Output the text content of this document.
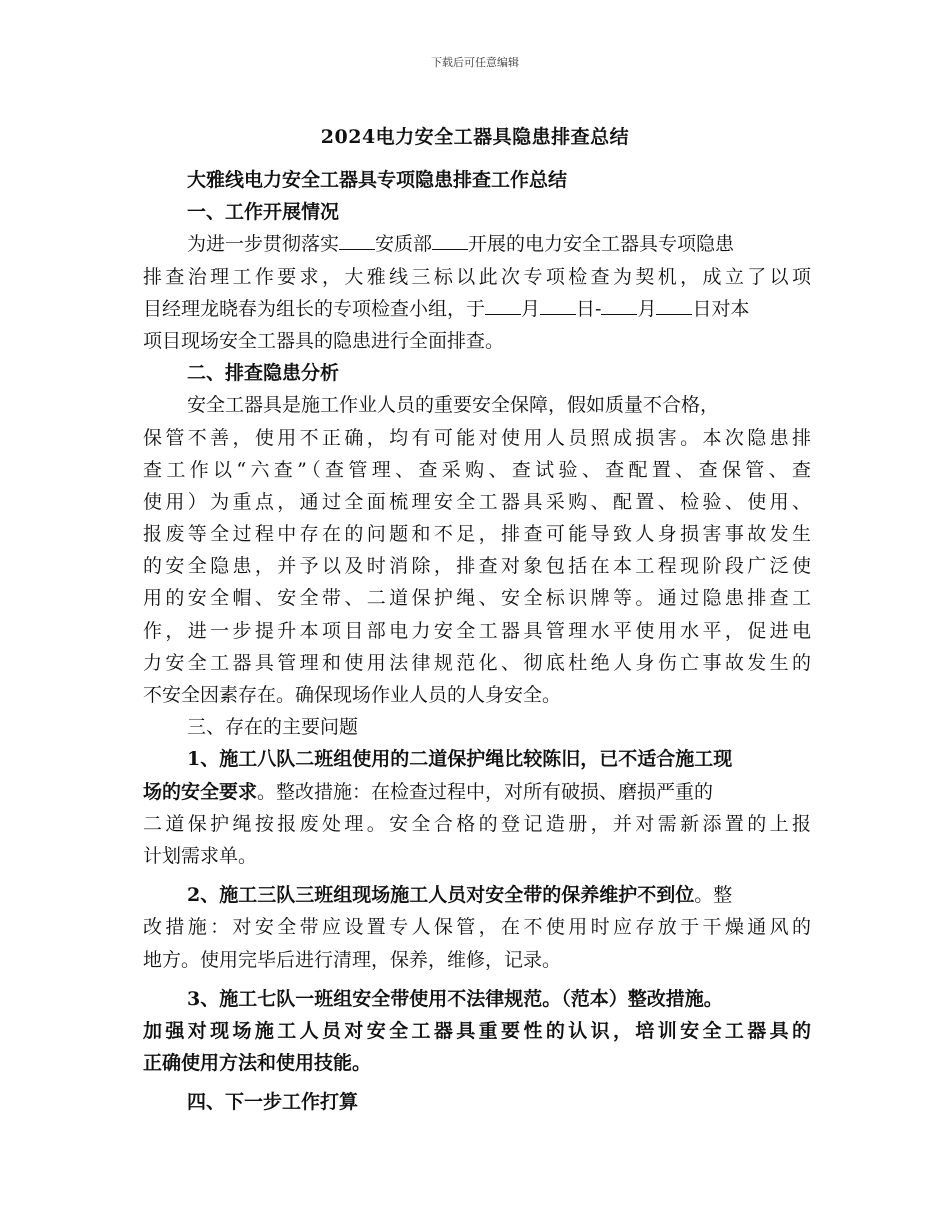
下载后可任意编辑
2024电力安全工器具隐患排查总结
大雅线电力安全工器具专项隐患排查工作总结
一、工作开展情况
为进一步贯彻落实 安质部 开展的电力安全工器具专项隐患
排查治理工作要求，大雅线三标以此次专项检查为契机，成立了以项
目经理龙晓春为组长的专项检查小组，于 月 日- 月 日对本
项目现场安全工器具的隐患进行全面排查。
二、排查隐患分析
安全工器具是施工作业人员的重要安全保障，假如质量不合格，
保管不善，使用不正确，均有可能对使用人员照成损害。本次隐患排
查工作以“六查”（查管理、查采购、查试验、查配置、查保管、查
使用）为重点，通过全面梳理安全工器具采购、配置、检验、使用、
报废等全过程中存在的问题和不足，排查可能导致人身损害事故发生
的安全隐患，并予以及时消除，排查对象包括在本工程现阶段广泛使
用的安全帽、安全带、二道保护绳、安全标识牌等。通过隐患排查工
作，进一步提升本项目部电力安全工器具管理水平使用水平，促进电
力安全工器具管理和使用法律规范化、彻底杜绝人身伤亡事故发生的
不安全因素存在。确保现场作业人员的人身安全。
三、存在的主要问题
1、施工八队二班组使用的二道保护绳比较陈旧，已不适合施工现
场的安全要求。整改措施：在检查过程中，对所有破损、磨损严重的
二道保护绳按报废处理。安全合格的登记造册，并对需新添置的上报
计划需求单。
2、施工三队三班组现场施工人员对安全带的保养维护不到位。整
改措施：对安全带应设置专人保管，在不使用时应存放于干燥通风的
地方。使用完毕后进行清理，保养，维修，记录。
3、施工七队一班组安全带使用不法律规范。（范本）整改措施。
加强对现场施工人员对安全工器具重要性的认识，培训安全工器具的
正确使用方法和使用技能。
四、下一步工作打算
